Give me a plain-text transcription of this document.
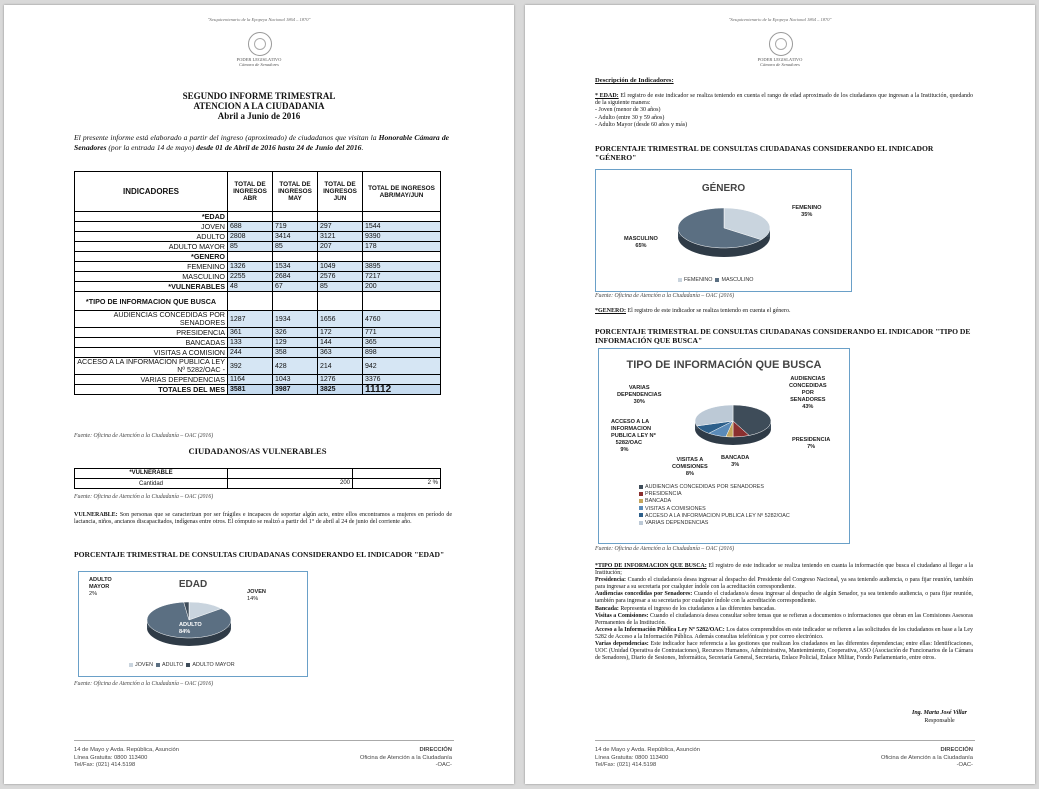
"Sesquicentenario de la Epopeya Nacional 1864 – 1870"
PODER LEGISLATIVO
Cámara de Senadores
SEGUNDO INFORME TRIMESTRAL
ATENCION A LA CIUDADANIA
Abril a Junio de 2016
El presente informe está elaborado a partir del ingreso (aproximado) de ciudadanos que visitan la Honorable Cámara de Senadores (por la entrada 14 de mayo) desde 01 de Abril de 2016 hasta 24 de Junio del 2016.
INDICADORES	TOTAL DE INGRESOS ABR	TOTAL DE INGRESOS MAY	TOTAL DE INGRESOS JUN	TOTAL DE INGRESOS ABR/MAY/JUN
*EDAD				
JOVEN	688	719	297	1544
ADULTO	2808	3414	3121	9390
ADULTO MAYOR	85	85	207	178
*GENERO				
FEMENINO	1326	1534	1049	3895
MASCULINO	2255	2684	2576	7217
*VULNERABLES	48	67	85	200
*TIPO DE INFORMACION QUE BUSCA				
AUDIENCIAS CONCEDIDAS POR SENADORES	1287	1934	1656	4760
PRESIDENCIA	361	326	172	771
BANCADAS	133	129	144	365
VISITAS A COMISION	244	358	363	898
ACCESO A LA INFORMACION PUBLICA LEY Nº 5282/OAC -	392	428	214	942
VARIAS DEPENDENCIAS	1164	1043	1276	3376
TOTALES DEL MES	3581	3987	3825	11112
Fuente: Oficina de Atención a la Ciudadanía – OAC (2016)
CIUDADANOS/AS VULNERABLES
*VULNERABLE		
Cantidad	200	2 %
Fuente: Oficina de Atención a la Ciudadanía – OAC (2016)
VULNERABLE: Son personas que se caracterizan por ser frágiles e incapaces de soportar algún acto, entre ellos encontramos a mujeres en período de lactancia, niños, ancianos discapacitados, indígenas entre otros. El cómputo se realizó a partir del 1° de abril al 24 de junio del corriente año.
PORCENTAJE TRIMESTRAL DE CONSULTAS CIUDADANAS CONSIDERANDO EL INDICADOR "EDAD"
EDAD
ADULTO
MAYOR
2%	JOVEN
14%
ADULTO
84%
JOVEN ADULTO ADULTO MAYOR
Fuente: Oficina de Atención a la Ciudadanía – OAC (2016)
14 de Mayo y Avda. República, Asunción
Línea Gratuita: 0800 113400
Tel/Fax: (021) 414.5198
DIRECCIÓN
Oficina de Atención a la Ciudadanía
-OAC-
"Sesquicentenario de la Epopeya Nacional 1864 – 1870"
PODER LEGISLATIVO
Cámara de Senadores
Descripción de Indicadores:
* EDAD: El registro de este indicador se realiza teniendo en cuenta el rango de edad aproximado de los ciudadanos que ingresan a la Institución, quedando de la siguiente manera:
- Joven (menor de 30 años)
- Adulto (entre 30 y 59 años)
- Adulto Mayor (desde 60 años y más)
PORCENTAJE TRIMESTRAL DE CONSULTAS CIUDADANAS CONSIDERANDO EL INDICADOR "GÉNERO"
GÉNERO
FEMENINO
35%
MASCULINO
65%
FEMENINO MASCULINO
Fuente: Oficina de Atención a la Ciudadanía – OAC (2016)
*GENERO: El registro de este indicador se realiza teniendo en cuenta el género.
PORCENTAJE TRIMESTRAL DE CONSULTAS CIUDADANAS CONSIDERANDO EL INDICADOR "TIPO DE INFORMACIÓN QUE BUSCA"
TIPO DE INFORMACIÓN QUE BUSCA
VARIAS
DEPENDENCIAS
30%
AUDIENCIAS
CONCEDIDAS
POR
SENADORES
43%
PRESIDENCIA
7%
ACCESO A LA
INFORMACION
PUBLICA LEY Nº
5282/OAC
9%
VISITAS A
COMISIONES
8%
BANCADA
3%
AUDIENCIAS CONCEDIDAS POR SENADORES
PRESIDENCIA
BANCADA
VISITAS A COMISIONES
ACCESO A LA INFORMACION PUBLICA LEY Nº 5282/OAC
VARIAS DEPENDENCIAS
Fuente: Oficina de Atención a la Ciudadanía – OAC (2016)
*TIPO DE INFORMACION QUE BUSCA: El registro de este indicador se realiza teniendo en cuanta la información que busca el ciudadano al llegar a la Institución;
Presidencia: Cuando el ciudadano/a desea ingresar al despacho del Presidente del Congreso Nacional, ya sea teniendo audiencia, o para fijar reunión, también para ingresar a su secretaria por cualquier índole con la acreditación correspondiente.
Audiencias concedidas por Senadores: Cuando el ciudadano/a desea ingresar al despacho de algún Senador, ya sea teniendo audiencia, o para fijar reunión, también para ingresar a su secretaria por cualquier índole con la acreditación correspondiente.
Bancada: Representa el ingreso de los ciudadanos a las diferentes bancadas.
Visitas a Comisiones: Cuando el ciudadano/a desea consultar sobre temas que se refieran a documentos o informaciones que obran en las Comisiones Asesoras Permanentes de la Institución.
Acceso a la Información Pública Ley Nº 5282/OAC: Los datos comprendidos en este indicador se refieren a las solicitudes de los ciudadanos en base a la Ley 5282 de Acceso a la Información Pública. Además consultas telefónicas y por correo electrónico.
Varias dependencias: Este indicador hace referencia a las gestiones que realizan los ciudadanos en las diferentes dependencias; entre ellas: Identificaciones, UOC (Unidad Operativa de Contrataciones), Recursos Humanos, Administrativa, Mantenimiento, Cooperativa, ASO (Asociación de Funcionarios de la Cámara de Senadores), Diario de Sesiones, Informática, Secretaría General, Secretaria, Enlace Policial, Enlace Militar, Fondo Parlamentario, entre otros.
Ing. Marta José Villar
Responsable
14 de Mayo y Avda. República, Asunción
Línea Gratuita: 0800 113400
Tel/Fax: (021) 414.5198
DIRECCIÓN
Oficina de Atención a la Ciudadanía
-OAC-
